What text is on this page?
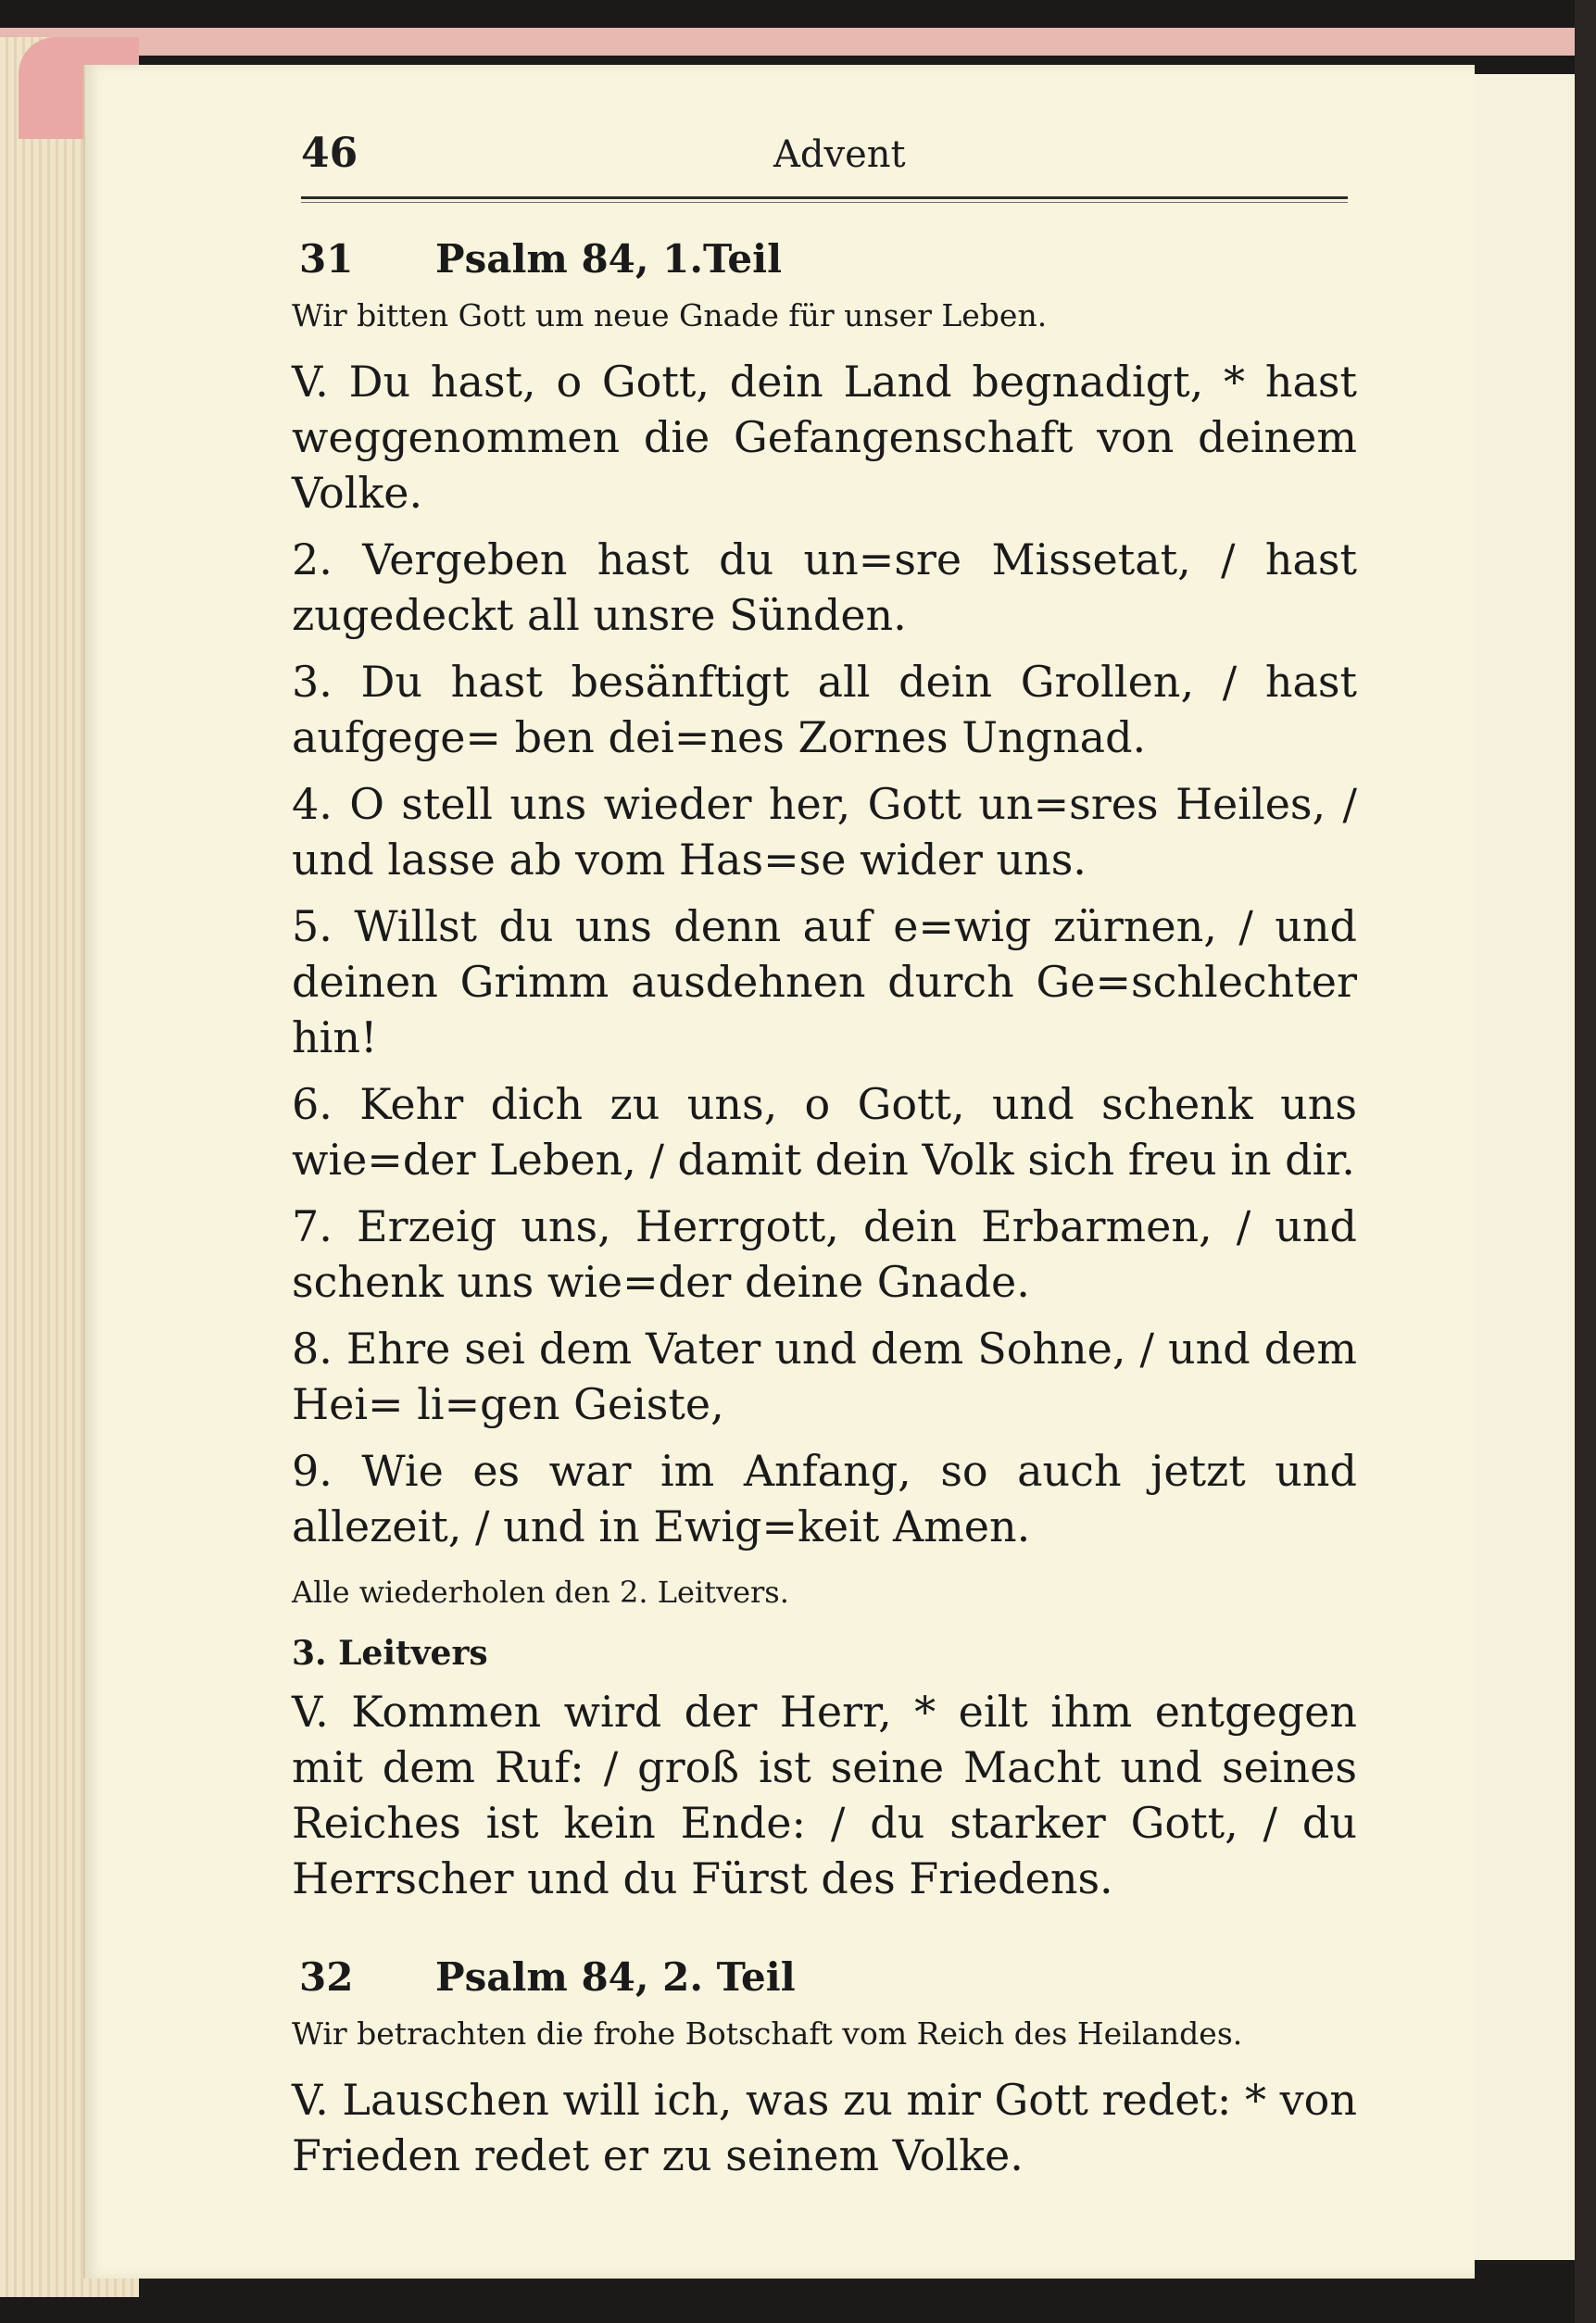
46	Advent
31 Psalm 84, 1.Teil
Wir bitten Gott um neue Gnade für unser Leben.

V. Du hast, o Gott, dein Land begnadigt, * hast weggenommen die Gefangenschaft von deinem Volke.

2. Vergeben hast du un=sre Missetat, / hast zugedeckt all unsre Sünden.

3. Du hast besänftigt all dein Grollen, / hast aufgege= ben dei=nes Zornes Ungnad.

4. O stell uns wieder her, Gott un=sres Heiles, / und lasse ab vom Has=se wider uns.

5. Willst du uns denn auf e=wig zürnen, / und deinen Grimm ausdehnen durch Ge=schlechter hin!

6. Kehr dich zu uns, o Gott, und schenk uns wie=der Leben, / damit dein Volk sich freu in dir.

7. Erzeig uns, Herrgott, dein Erbarmen, / und schenk uns wie=der deine Gnade.

8. Ehre sei dem Vater und dem Sohne, / und dem Hei= li=gen Geiste,

9. Wie es war im Anfang, so auch jetzt und allezeit, / und in Ewig=keit Amen.

Alle wiederholen den 2. Leitvers.
3. Leitvers

V. Kommen wird der Herr, * eilt ihm entgegen mit dem Ruf: / groß ist seine Macht und seines Reiches ist kein Ende: / du starker Gott, / du Herrscher und du Fürst des Friedens.

32 Psalm 84, 2. Teil
Wir betrachten die frohe Botschaft vom Reich des Heilandes.

V. Lauschen will ich, was zu mir Gott redet: * von Frieden redet er zu seinem Volke.
